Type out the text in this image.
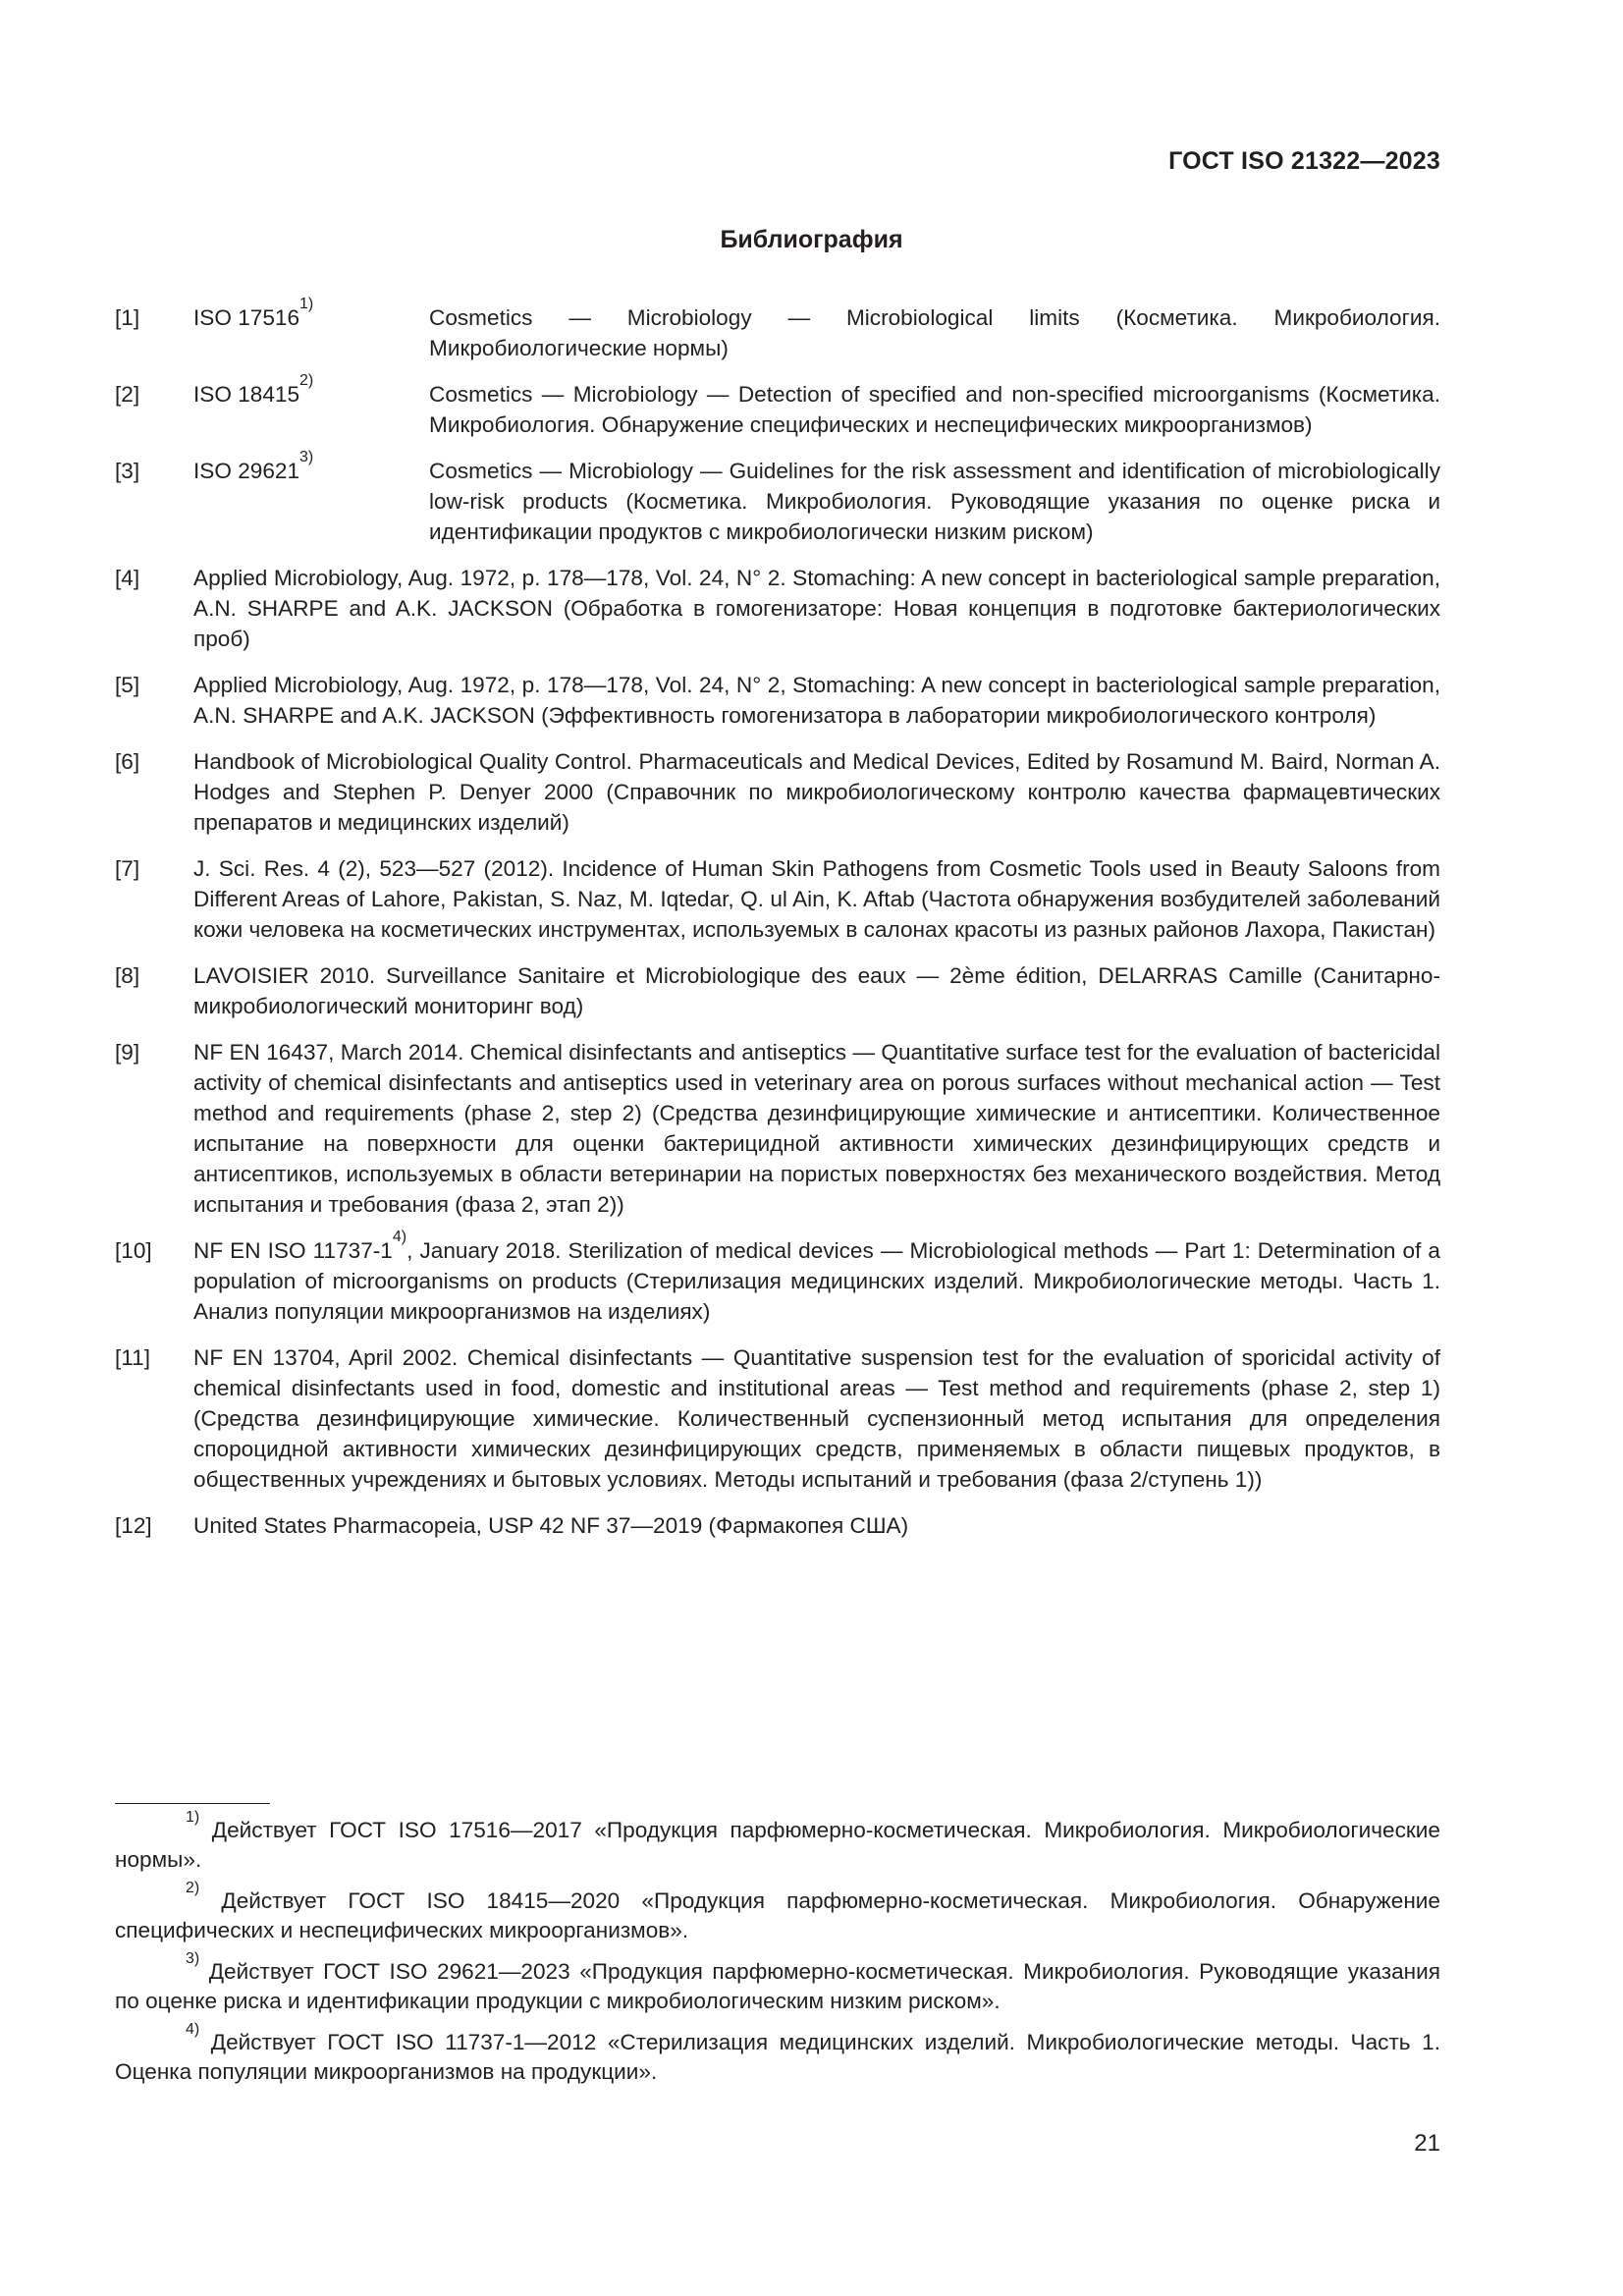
ГОСТ ISO 21322—2023
Библиография
[1] ISO 17516$^{1)}$
Cosmetics — Microbiology — Microbiological limits (Косметика. Микробиология. Микробиологические нормы)
[2] ISO 18415$^{2)}$
Cosmetics — Microbiology — Detection of specified and non-specified microorganisms (Косметика. Микробиология. Обнаружение специфических и неспецифических микроорганизмов)
[3] ISO 29621$^{3)}$
Cosmetics — Microbiology — Guidelines for the risk assessment and identification of microbiologically low-risk products (Косметика. Микробиология. Руководящие указания по оценке риска и идентификации продуктов с микробиологически низким риском)
[4] Applied Microbiology, Aug. 1972, p. 178—178, Vol. 24, N° 2. Stomaching: A new concept in bacteriological sample preparation, A.N. SHARPE and A.K. JACKSON (Обработка в гомогенизаторе: Новая концепция в подготовке бактериологических проб)
[5] Applied Microbiology, Aug. 1972, p. 178—178, Vol. 24, N° 2, Stomaching: A new concept in bacteriological sample preparation, A.N. SHARPE and A.K. JACKSON (Эффективность гомогенизатора в лаборатории микробиологического контроля)
[6] Handbook of Microbiological Quality Control. Pharmaceuticals and Medical Devices, Edited by Rosamund M. Baird, Norman A. Hodges and Stephen P. Denyer 2000 (Справочник по микробиологическому контролю качества фармацевтических препаратов и медицинских изделий)
[7] J. Sci. Res. 4 (2), 523—527 (2012). Incidence of Human Skin Pathogens from Cosmetic Tools used in Beauty Saloons from Different Areas of Lahore, Pakistan, S. Naz, M. Iqtedar, Q. ul Ain, K. Aftab (Частота обнаружения возбудителей заболеваний кожи человека на косметических инструментах, используемых в салонах красоты из разных районов Лахора, Пакистан)
[8] LAVOISIER 2010. Surveillance Sanitaire et Microbiologique des eaux — 2ème édition, DELARRAS Camille (Санитарно-микробиологический мониторинг вод)
[9] NF EN 16437, March 2014. Chemical disinfectants and antiseptics — Quantitative surface test for the evaluation of bactericidal activity of chemical disinfectants and antiseptics used in veterinary area on porous surfaces without mechanical action — Test method and requirements (phase 2, step 2) (Средства дезинфицирующие химические и антисептики. Количественное испытание на поверхности для оценки бактерицидной активности химических дезинфицирующих средств и антисептиков, используемых в области ветеринарии на пористых поверхностях без механического воздействия. Метод испытания и требования (фаза 2, этап 2))
[10] NF EN ISO 11737-1$^{4)}$, January 2018. Sterilization of medical devices — Microbiological methods — Part 1: Determination of a population of microorganisms on products (Стерилизация медицинских изделий. Микробиологические методы. Часть 1. Анализ популяции микроорганизмов на изделиях)
[11] NF EN 13704, April 2002. Chemical disinfectants — Quantitative suspension test for the evaluation of sporicidal activity of chemical disinfectants used in food, domestic and institutional areas — Test method and requirements (phase 2, step 1) (Средства дезинфицирующие химические. Количественный суспензионный метод испытания для определения спороцидной активности химических дезинфицирующих средств, применяемых в области пищевых продуктов, в общественных учреждениях и бытовых условиях. Методы испытаний и требования (фаза 2/ступень 1))
[12] United States Pharmacopeia, USP 42 NF 37—2019 (Фармакопея США)
$^{1)}$ Действует ГОСТ ISO 17516—2017 «Продукция парфюмерно-косметическая. Микробиология. Микробиологические нормы».
$^{2)}$ Действует ГОСТ ISO 18415—2020 «Продукция парфюмерно-косметическая. Микробиология. Обнаружение специфических и неспецифических микроорганизмов».
$^{3)}$ Действует ГОСТ ISO 29621—2023 «Продукция парфюмерно-косметическая. Микробиология. Руководящие указания по оценке риска и идентификации продукции с микробиологическим низким риском».
$^{4)}$ Действует ГОСТ ISO 11737-1—2012 «Стерилизация медицинских изделий. Микробиологические методы. Часть 1. Оценка популяции микроорганизмов на продукции».
21
